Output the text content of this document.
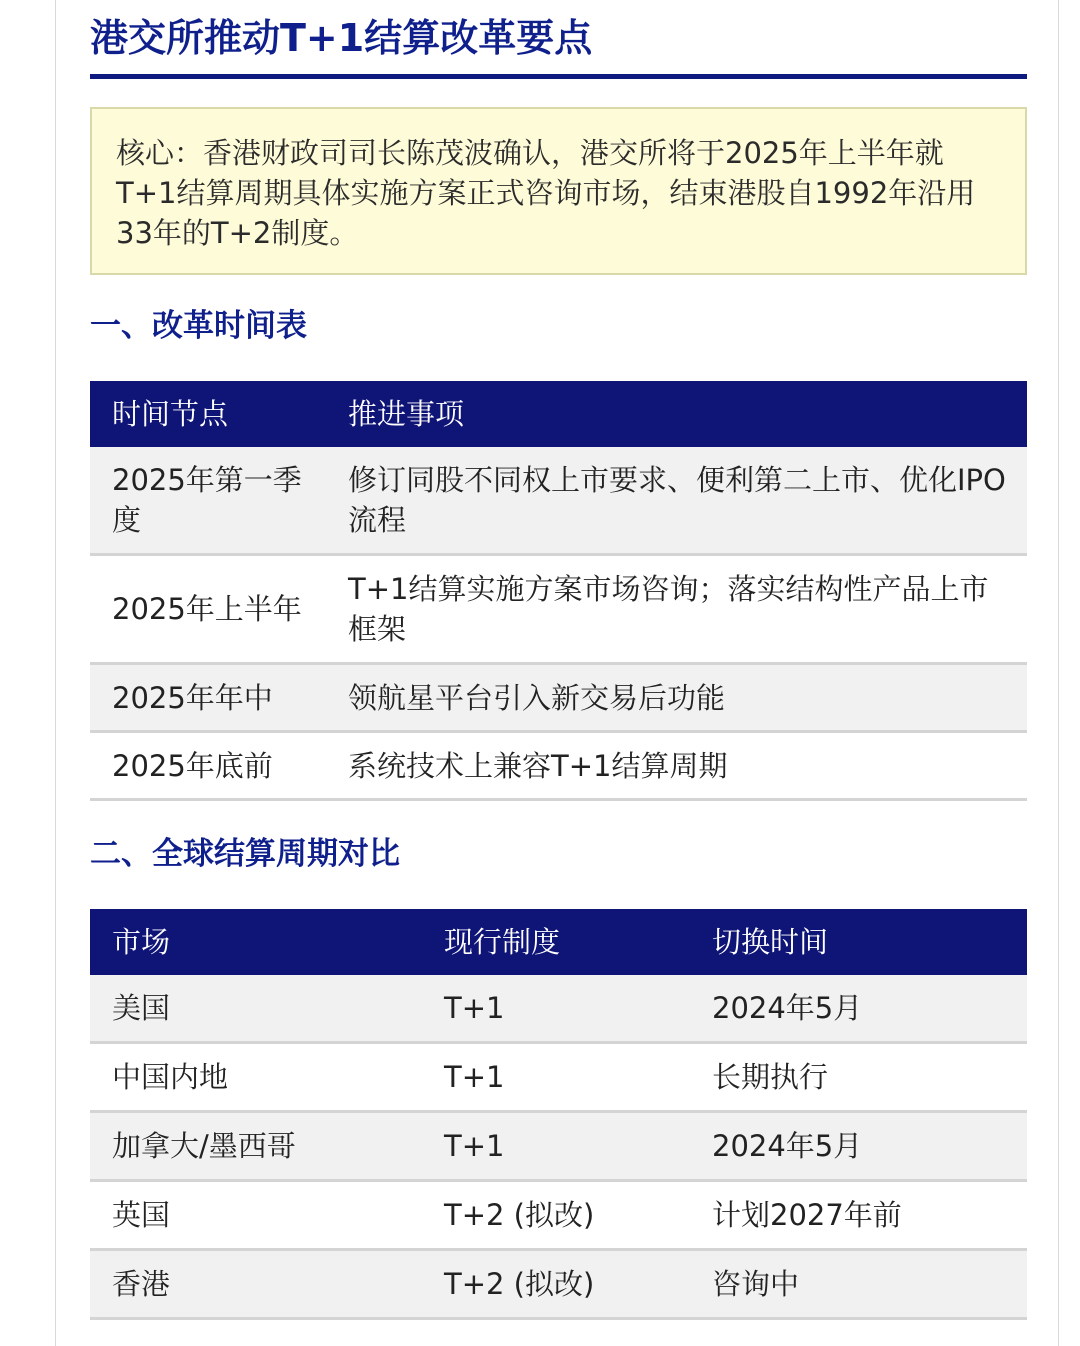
港交所推动T+1结算改革要点
核心：香港财政司司长陈茂波确认，港交所将于2025年上半年就T+1结算周期具体实施方案正式咨询市场，结束港股自1992年沿用33年的T+2制度。
一、改革时间表
时间节点	推进事项
2025年第一季度	修订同股不同权上市要求、便利第二上市、优化IPO流程
2025年上半年	T+1结算实施方案市场咨询；落实结构性产品上市框架
2025年年中	领航星平台引入新交易后功能
2025年底前	系统技术上兼容T+1结算周期
二、全球结算周期对比
市场	现行制度	切换时间
美国	T+1	2024年5月
中国内地	T+1	长期执行
加拿大/墨西哥	T+1	2024年5月
英国	T+2 (拟改)	计划2027年前
香港	T+2 (拟改)	咨询中
